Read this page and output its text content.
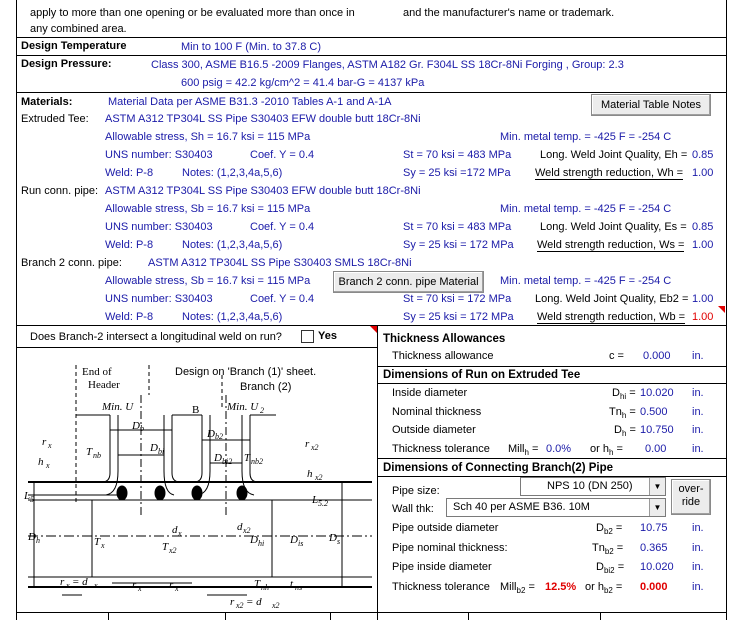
apply to more than one opening or be evaluated more than once in
any combined area.
and the manufacturer's name or trademark.
Design Temperature	Min to 100 F (Min. to 37.8 C)
Design Pressure:	Class 300, ASME B16.5 -2009 Flanges, ASTM A182 Gr. F304L SS 18Cr-8Ni Forging , Group: 2.3
600 psig = 42.2 kg/cm^2 = 41.4 bar-G = 4137 kPa
Materials:	Material Data per ASME B31.3 -2010 Tables A-1 and A-1A	Material Table Notes
Extruded Tee: ASTM A312 TP304L SS Pipe S30403 EFW double butt 18Cr-8Ni
Allowable stress, Sh = 16.7 ksi = 115 MPa	Min. metal temp. = -425 F = -254 C
UNS number: S30403	Coef. Y = 0.4	St = 70 ksi = 483 MPa	Long. Weld Joint Quality, Eh = 0.85
Weld: P-8	Notes: (1,2,3,4a,5,6)	Sy = 25 ksi =172 MPa Weld strength reduction, Wh = 1.00
Run conn. pipe: ASTM A312 TP304L SS Pipe S30403 EFW double butt 18Cr-8Ni
Allowable stress, Sb = 16.7 ksi = 115 MPa	Min. metal temp. = -425 F = -254 C
UNS number: S30403	Coef. Y = 0.4	St = 70 ksi = 483 MPa	Long. Weld Joint Quality, Es = 0.85
Weld: P-8	Notes: (1,2,3,4a,5,6)	Sy = 25 ksi = 172 MPa Weld strength reduction, Ws = 1.00
Branch 2 conn. pipe: ASTM A312 TP304L SS Pipe S30403 SMLS 18Cr-8Ni
Allowable stress, Sb = 16.7 ksi = 115 MPa	Branch 2 conn. pipe Material	Min. metal temp. = -425 F = -254 C
UNS number: S30403	Coef. Y = 0.4	St = 70 ksi = 172 MPa Long. Weld Joint Quality, Eb2 = 1.00
Weld: P-8	Notes: (1,2,3,4a,5,6)	Sy = 25 ksi = 172 MPa Weld strength reduction, Wb = 1.00
Does Branch-2 intersect a longitudinal weld on run?	Yes
End of
Header
Design on 'Branch (1)' sheet.
Branch (2)
Min. U	Min. U
B
D
D
r	r
h
h
T	D
D T
L	L
D	T
d
T
d
D	D	D
r	r	r	T	t
r
2
b
b2
x	x2
x
x2
nb	bi
bi2 nb2
5	5.2
h
x
x
x2
x2
hi	is	s
x	x	x	nh	ns
x2
= d
= d
x
x2
Thickness Allowances
Thickness allowance	c = 0.000 in.
Dimensions of Run on Extruded Tee
Inside diameter	$D_{hi} = 10.020$ in.
Nominal thickness	$Tn_h = 0.500$ in.
Outside diameter	$D_h = 10.750$ in.
Thickness tolerance Mill$_h$ = 0.0% or $h_h = 0.00$ in.
Dimensions of Connecting Branch(2) Pipe
Pipe size:	NPS 10 (DN 250)	▼
Wall thk:	Sch 40 per ASME B36. 10M	▼
over-
ride
Pipe outside diameter	$D_{b2} = 10.75$ in.
Pipe nominal thickness:	$Tn_{b2} = 0.365$ in.
Pipe inside diameter	$D_{bi2} = 10.020$ in.
Thickness tolerance Mill$_{b2}$ = 12.5% or $h_{b2} = 0.000$ in.
